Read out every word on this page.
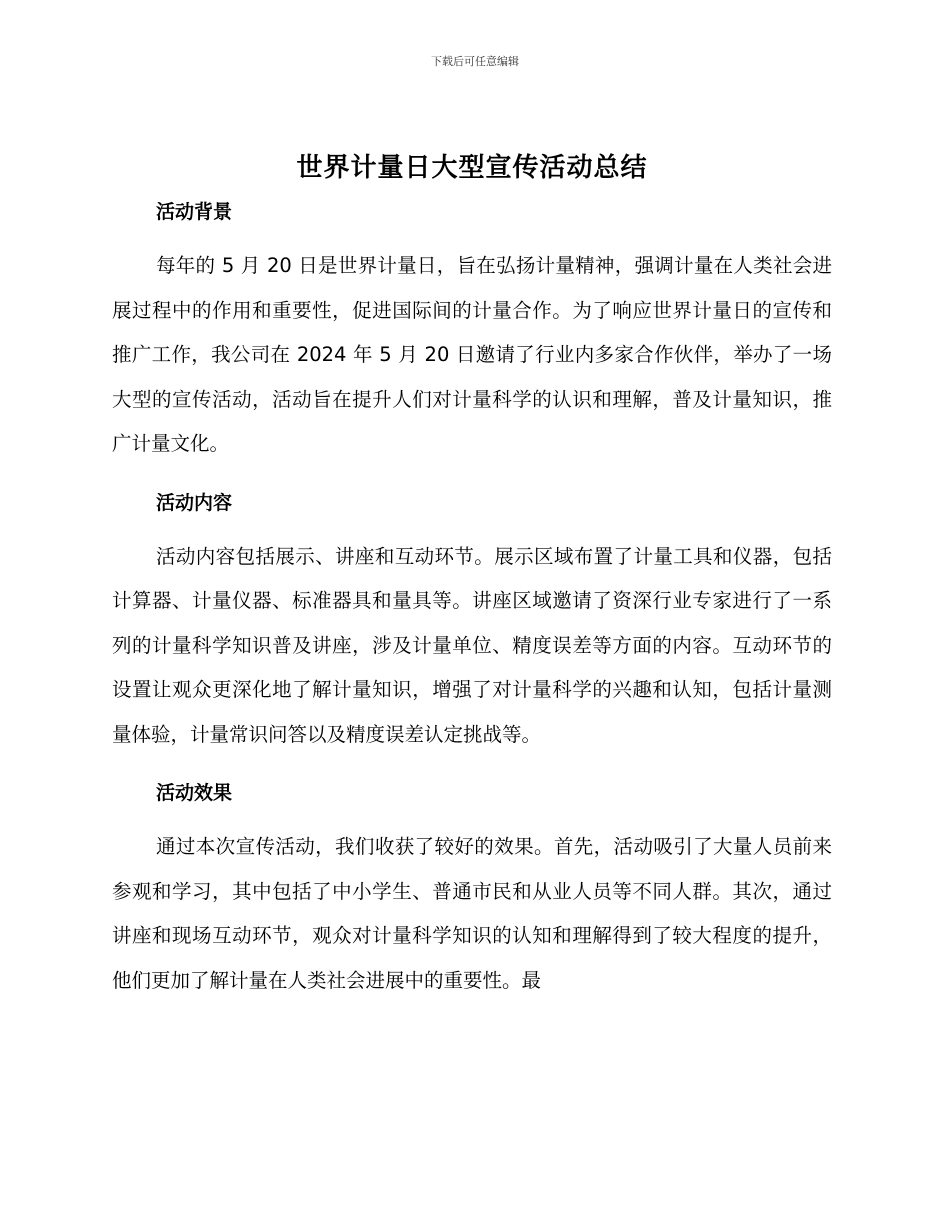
下载后可任意编辑
世界计量日大型宣传活动总结
活动背景

每年的 5 月 20 日是世界计量日，旨在弘扬计量精神，强调计量在人类社会进展过程中的作用和重要性，促进国际间的计量合作。为了响应世界计量日的宣传和推广工作，我公司在 2024 年 5 月 20 日邀请了行业内多家合作伙伴，举办了一场大型的宣传活动，活动旨在提升人们对计量科学的认识和理解，普及计量知识，推广计量文化。

活动内容

活动内容包括展示、讲座和互动环节。展示区域布置了计量工具和仪器，包括计算器、计量仪器、标准器具和量具等。讲座区域邀请了资深行业专家进行了一系列的计量科学知识普及讲座，涉及计量单位、精度误差等方面的内容。互动环节的设置让观众更深化地了解计量知识，增强了对计量科学的兴趣和认知，包括计量测量体验，计量常识问答以及精度误差认定挑战等。

活动效果

通过本次宣传活动，我们收获了较好的效果。首先，活动吸引了大量人员前来参观和学习，其中包括了中小学生、普通市民和从业人员等不同人群。其次，通过讲座和现场互动环节，观众对计量科学知识的认知和理解得到了较大程度的提升，他们更加了解计量在人类社会进展中的重要性。最
